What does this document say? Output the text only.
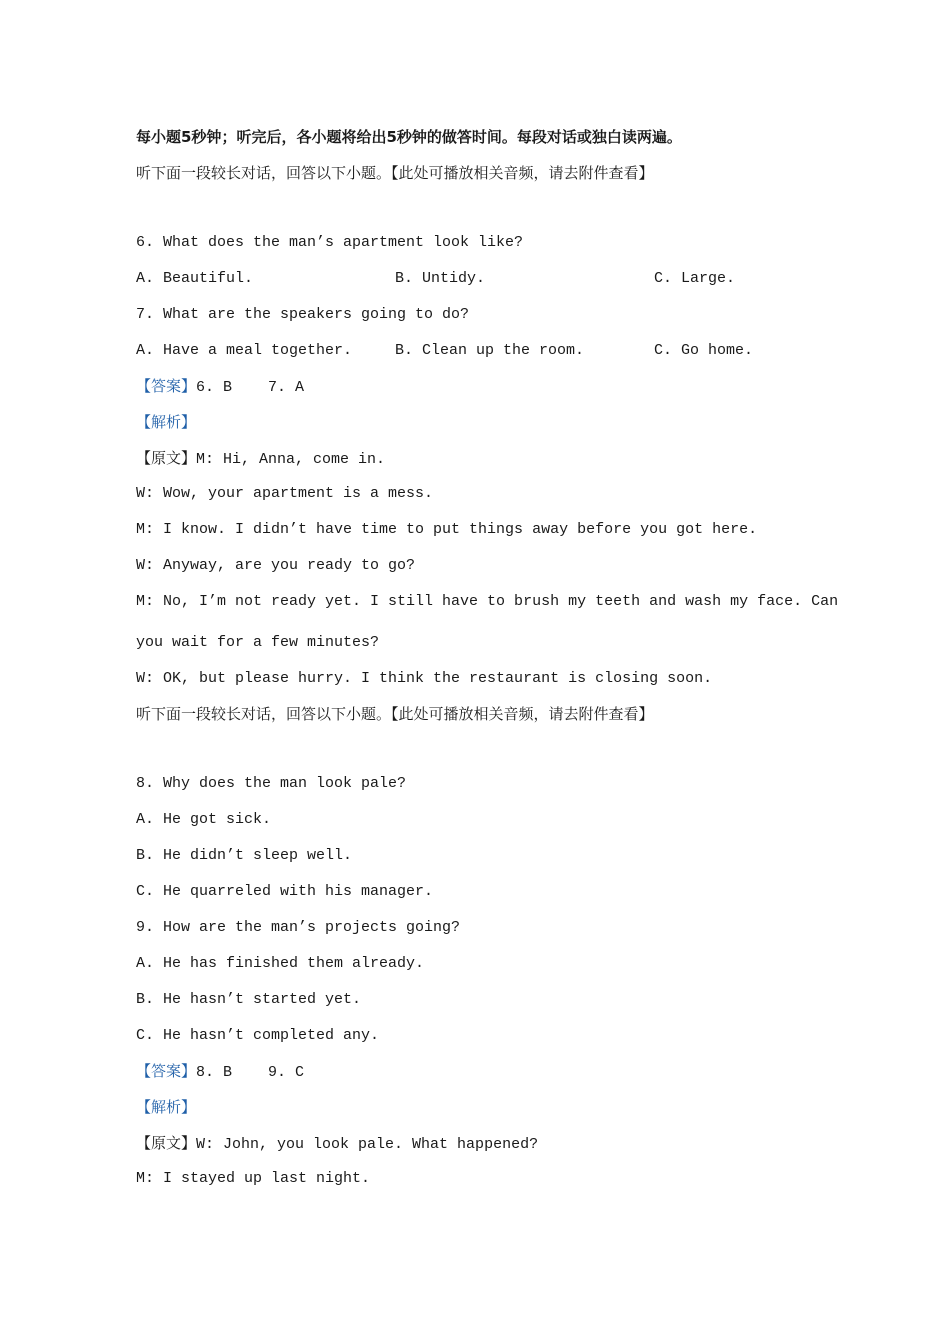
每小题5秒钟；听完后，各小题将给出5秒钟的做答时间。每段对话或独白读两遍。
听下面一段较长对话，回答以下小题。【此处可播放相关音频，请去附件查看】
6. What does the man’s apartment look like?
A. Beautiful.	B. Untidy.	C. Large.
7. What are the speakers going to do?
A. Have a meal together.	B. Clean up the room.	C. Go home.
【答案】6. B    7. A
【解析】
【原文】M: Hi, Anna, come in.
W: Wow, your apartment is a mess.
M: I know. I didn’t have time to put things away before you got here.
W: Anyway, are you ready to go?
M: No, I’m not ready yet. I still have to brush my teeth and wash my face. Can
you wait for a few minutes?
W: OK, but please hurry. I think the restaurant is closing soon.
听下面一段较长对话，回答以下小题。【此处可播放相关音频，请去附件查看】
8. Why does the man look pale?
A. He got sick.
B. He didn’t sleep well.
C. He quarreled with his manager.
9. How are the man’s projects going?
A. He has finished them already.
B. He hasn’t started yet.
C. He hasn’t completed any.
【答案】8. B    9. C
【解析】
【原文】W: John, you look pale. What happened?
M: I stayed up last night.
